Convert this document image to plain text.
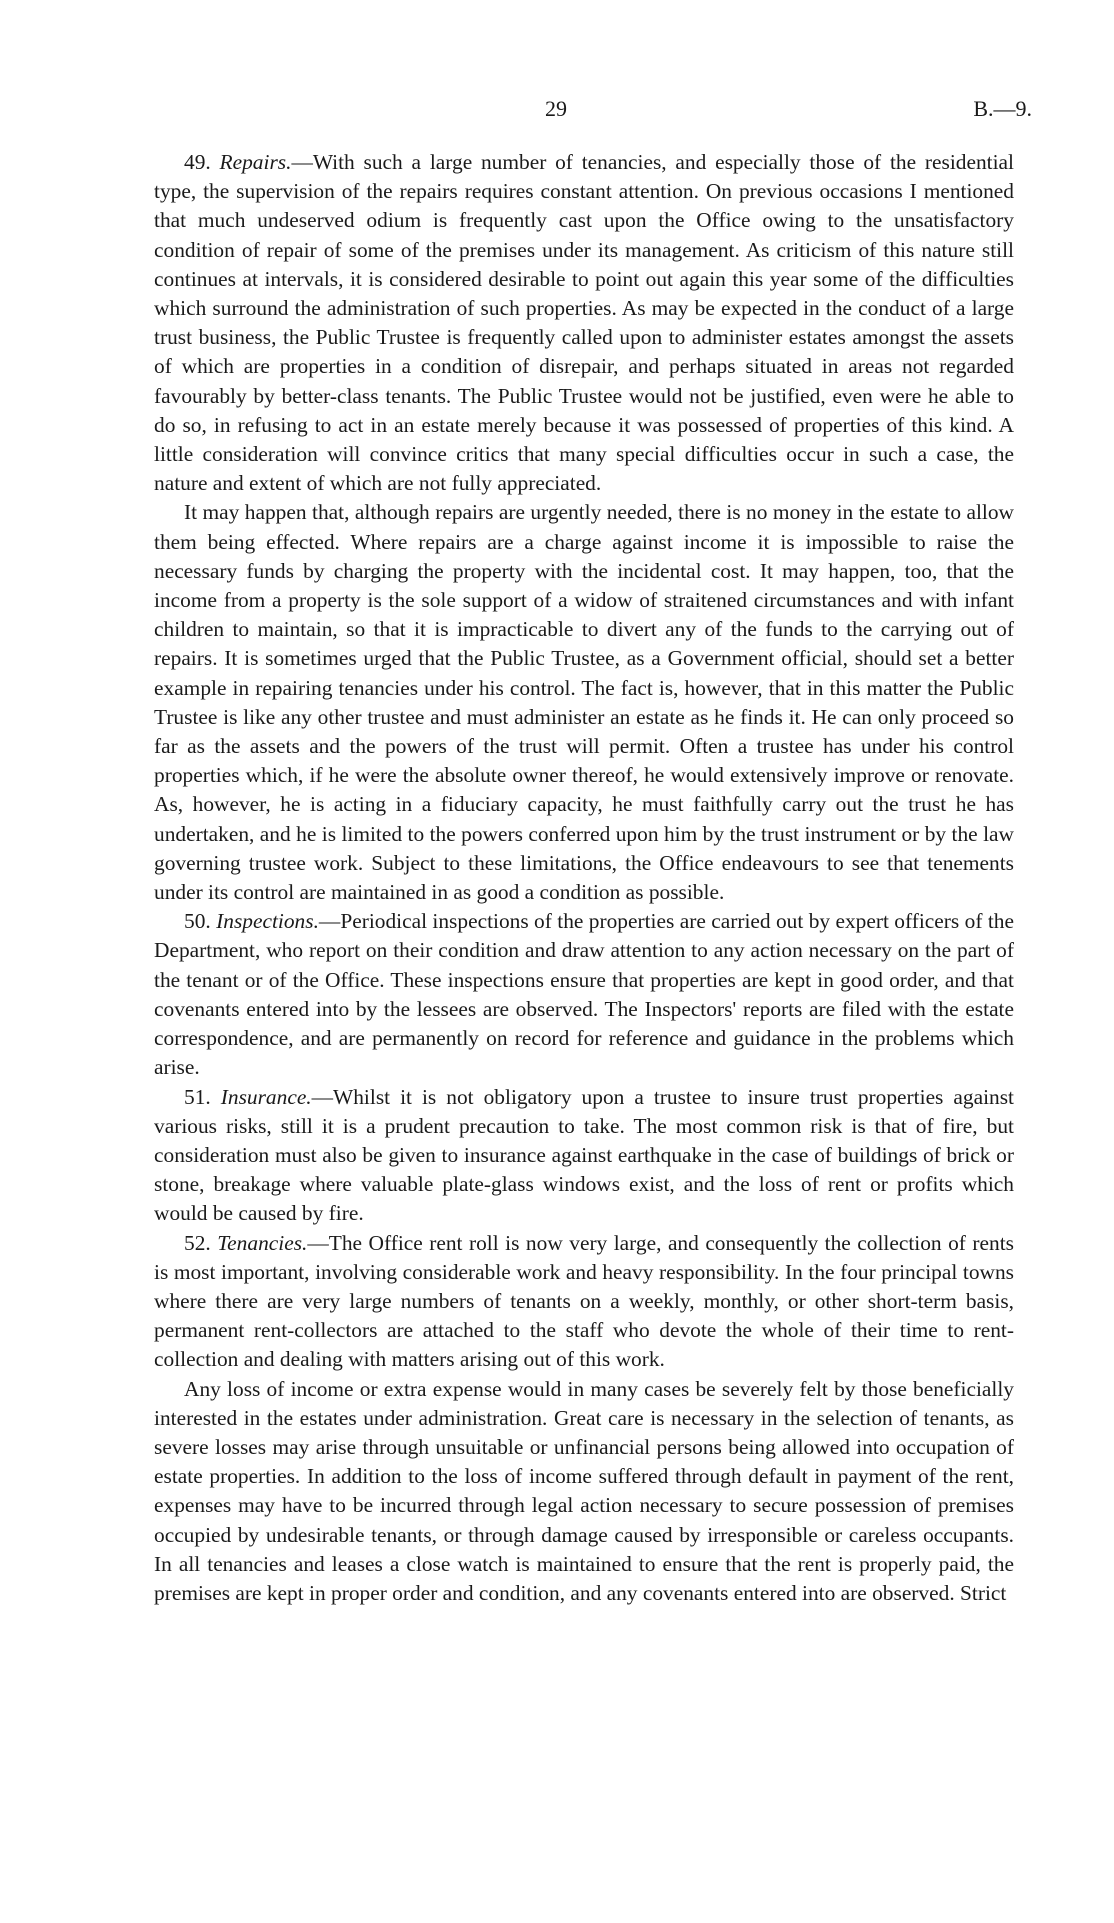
29	B.—9.

49. Repairs.—With such a large number of tenancies, and especially those of the residential type, the supervision of the repairs requires constant attention. On previous occasions I mentioned that much undeserved odium is frequently cast upon the Office owing to the unsatisfactory condition of repair of some of the premises under its management. As criticism of this nature still continues at intervals, it is considered desirable to point out again this year some of the difficulties which surround the administration of such properties. As may be expected in the conduct of a large trust business, the Public Trustee is frequently called upon to administer estates amongst the assets of which are properties in a condition of disrepair, and perhaps situated in areas not regarded favourably by better-class tenants. The Public Trustee would not be justified, even were he able to do so, in refusing to act in an estate merely because it was possessed of properties of this kind. A little consideration will convince critics that many special difficulties occur in such a case, the nature and extent of which are not fully appreciated.

It may happen that, although repairs are urgently needed, there is no money in the estate to allow them being effected. Where repairs are a charge against income it is impossible to raise the necessary funds by charging the property with the incidental cost. It may happen, too, that the income from a property is the sole support of a widow of straitened circumstances and with infant children to maintain, so that it is impracticable to divert any of the funds to the carrying out of repairs. It is sometimes urged that the Public Trustee, as a Government official, should set a better example in repairing tenancies under his control. The fact is, however, that in this matter the Public Trustee is like any other trustee and must administer an estate as he finds it. He can only proceed so far as the assets and the powers of the trust will permit. Often a trustee has under his control properties which, if he were the absolute owner thereof, he would extensively improve or renovate. As, however, he is acting in a fiduciary capacity, he must faithfully carry out the trust he has undertaken, and he is limited to the powers conferred upon him by the trust instrument or by the law governing trustee work. Subject to these limitations, the Office endeavours to see that tenements under its control are maintained in as good a condition as possible.

50. Inspections.—Periodical inspections of the properties are carried out by expert officers of the Department, who report on their condition and draw attention to any action necessary on the part of the tenant or of the Office. These inspections ensure that properties are kept in good order, and that covenants entered into by the lessees are observed. The Inspectors' reports are filed with the estate correspondence, and are permanently on record for reference and guidance in the problems which arise.

51. Insurance.—Whilst it is not obligatory upon a trustee to insure trust properties against various risks, still it is a prudent precaution to take. The most common risk is that of fire, but consideration must also be given to insurance against earthquake in the case of buildings of brick or stone, breakage where valuable plate-glass windows exist, and the loss of rent or profits which would be caused by fire.

52. Tenancies.—The Office rent roll is now very large, and consequently the collection of rents is most important, involving considerable work and heavy responsibility. In the four principal towns where there are very large numbers of tenants on a weekly, monthly, or other short-term basis, permanent rent-collectors are attached to the staff who devote the whole of their time to rent-collection and dealing with matters arising out of this work.

Any loss of income or extra expense would in many cases be severely felt by those beneficially interested in the estates under administration. Great care is necessary in the selection of tenants, as severe losses may arise through unsuitable or unfinancial persons being allowed into occupation of estate properties. In addition to the loss of income suffered through default in payment of the rent, expenses may have to be incurred through legal action necessary to secure possession of premises occupied by undesirable tenants, or through damage caused by irresponsible or careless occupants. In all tenancies and leases a close watch is maintained to ensure that the rent is properly paid, the premises are kept in proper order and condition, and any covenants entered into are observed. Strict
